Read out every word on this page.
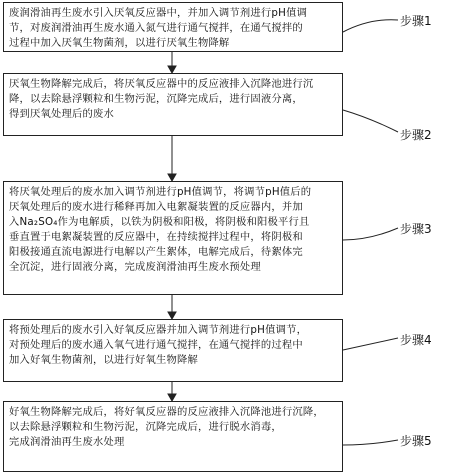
废润滑油再生废水引入厌氧反应器中，并加入调节剂进行pH值调
节，对废润滑油再生废水通入氮气进行通气搅拌，在通气搅拌的
过程中加入厌氧生物菌剂，以进行厌氧生物降解
步骤1
厌氧生物降解完成后，将厌氧反应器中的反应液排入沉降池进行沉
降，以去除悬浮颗粒和生物污泥，沉降完成后，进行固液分离，
得到厌氧处理后的废水
步骤2
将厌氧处理后的废水加入调节剂进行pH值调节，将调节pH值后的
厌氧处理后的废水进行稀释再加入电絮凝装置的反应器内，并加
入Na₂SO₄作为电解质，以铁为阴极和阳极，将阴极和阳极平行且
垂直置于电絮凝装置的反应器中，在持续搅拌过程中，将阴极和
阳极接通直流电源进行电解以产生絮体，电解完成后，待絮体完
全沉淀，进行固液分离，完成废润滑油再生废水预处理
步骤3
将预处理后的废水引入好氧反应器并加入调节剂进行pH值调节，
对预处理后的废水通入氧气进行通气搅拌，在通气搅拌的过程中
加入好氧生物菌剂，以进行好氧生物降解
步骤4
好氧生物降解完成后，将好氧反应器的反应液排入沉降池进行沉降，
以去除悬浮颗粒和生物污泥，沉降完成后，进行脱水消毒，
完成润滑油再生废水处理	步骤5
